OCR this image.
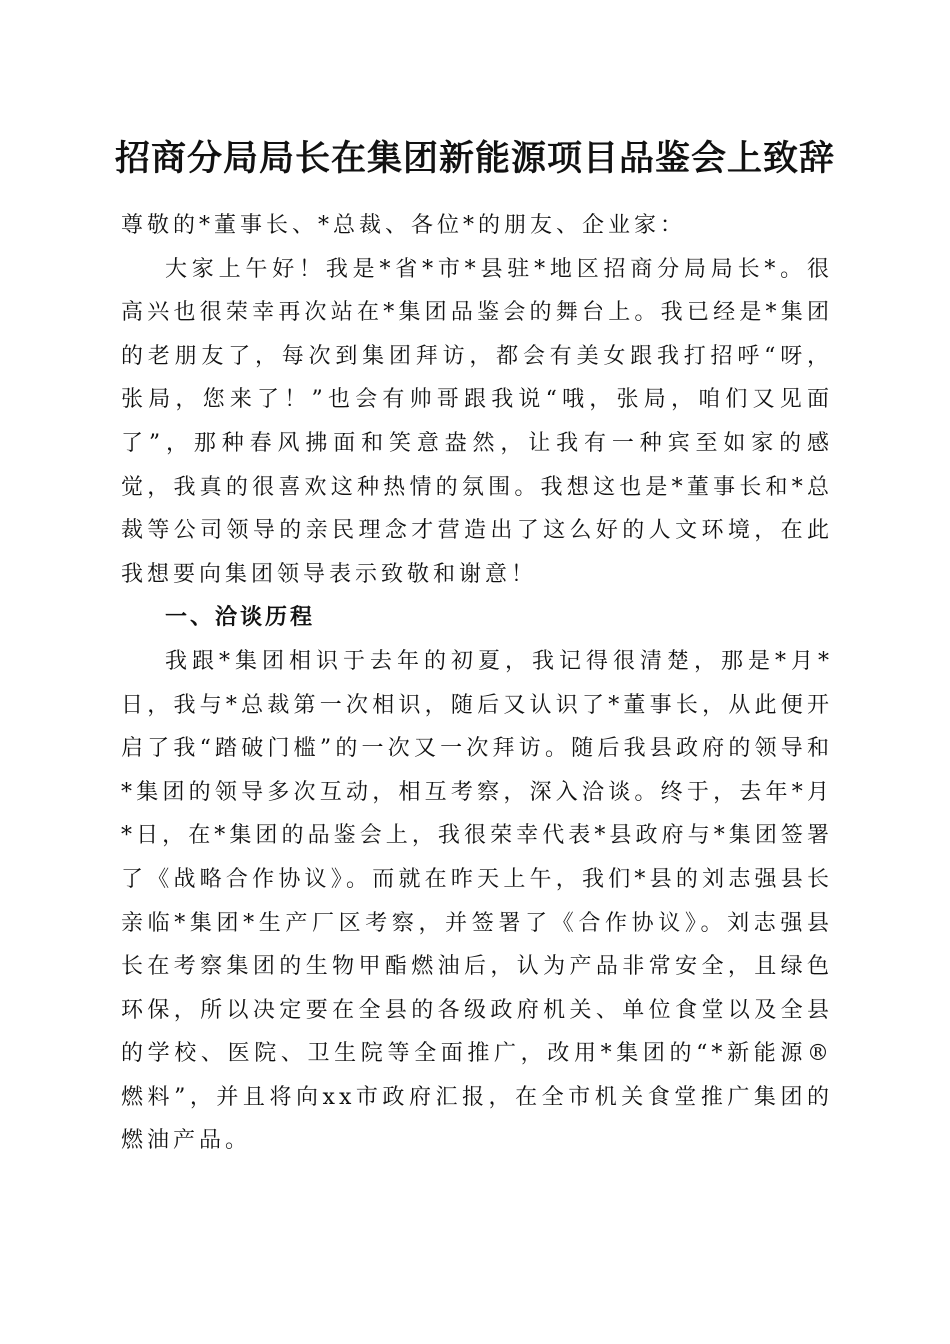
招商分局局长在集团新能源项目品鉴会上致辞

尊敬的*董事长、*总裁、各位*的朋友、企业家：

大家上午好！我是*省*市*县驻*地区招商分局局长*。很高兴也很荣幸再次站在*集团品鉴会的舞台上。我已经是*集团的老朋友了，每次到集团拜访，都会有美女跟我打招呼“呀，张局，您来了！”也会有帅哥跟我说“哦，张局，咱们又见面了”，那种春风拂面和笑意盎然，让我有一种宾至如家的感觉，我真的很喜欢这种热情的氛围。我想这也是*董事长和*总裁等公司领导的亲民理念才营造出了这么好的人文环境，在此我想要向集团领导表示致敬和谢意！

一、洽谈历程

我跟*集团相识于去年的初夏，我记得很清楚，那是*月*日，我与*总裁第一次相识，随后又认识了*董事长，从此便开启了我“踏破门槛”的一次又一次拜访。随后我县政府的领导和*集团的领导多次互动，相互考察，深入洽谈。终于，去年*月*日，在*集团的品鉴会上，我很荣幸代表*县政府与*集团签署了《战略合作协议》。而就在昨天上午，我们*县的刘志强县长亲临*集团*生产厂区考察，并签署了《合作协议》。刘志强县长在考察集团的生物甲酯燃油后，认为产品非常安全，且绿色环保，所以决定要在全县的各级政府机关、单位食堂以及全县的学校、医院、卫生院等全面推广，改用*集团的“*新能源®燃料”，并且将向xx市政府汇报，在全市机关食堂推广集团的燃油产品。
